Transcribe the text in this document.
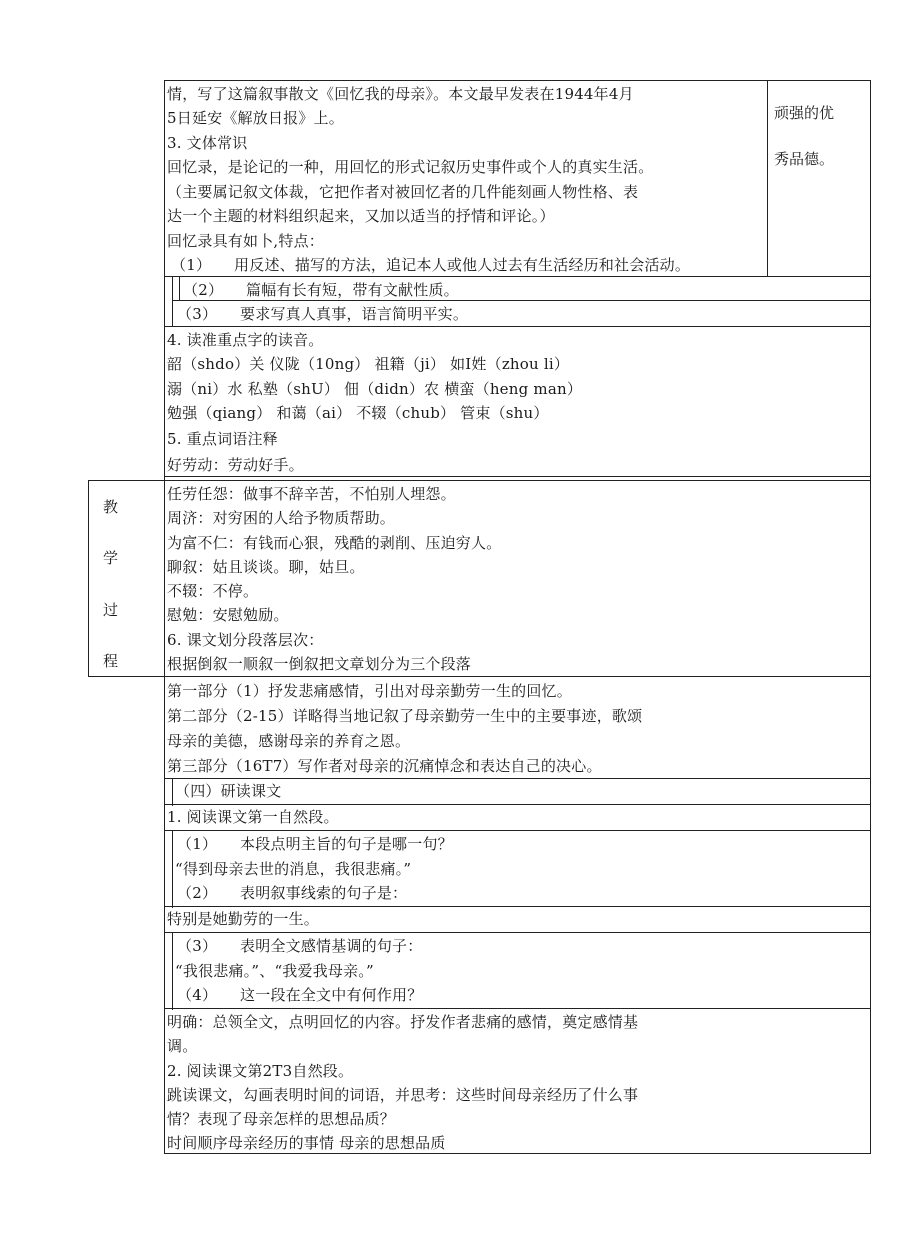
教
学
过
程
顽强的优
秀品德。
情，写了这篇叙事散文《回忆我的母亲》。本文最早发表在1944年4月
5日延安《解放日报》上。
3. 文体常识
回忆录，是论记的一种，用回忆的形式记叙历史事件或个人的真实生活。
（主要属记叙文体裁，它把作者对被回忆者的几件能刻画人物性格、表
达一个主题的材料组织起来，又加以适当的抒情和评论。）
回忆录具有如卜,特点：
（1）　　用反述、描写的方法，追记本人或他人过去有生活经历和社会活动。
（2）　　篇幅有长有短，带有文献性质。
（3）　　要求写真人真事，语言简明平实。
4. 读准重点字的读音。
韶（shdo）关 仪陇（10ng） 祖籍（ji） 如I姓（zhou li）
溺（ni）水 私塾（shU） 佃（didn）农 横蛮（heng man）
勉强（qiang） 和蔼（ai） 不辍（chub） 管束（shu）
5. 重点词语注释
好劳动：劳动好手。
任劳任怨：做事不辞辛苦，不怕别人埋怨。
周济：对穷困的人给予物质帮助。
为富不仁：有钱而心狠，残酷的剥削、压迫穷人。
聊叙：姑且谈谈。聊，姑旦。
不辍：不停。
慰勉：安慰勉励。
6. 课文划分段落层次：
根据倒叙一顺叙一倒叙把文章划分为三个段落
第一部分（1）抒发悲痛感情，引出对母亲勤劳一生的回忆。
第二部分（2-15）详略得当地记叙了母亲勤劳一生中的主要事迹，歌颂
母亲的美德，感谢母亲的养育之恩。
第三部分（16T7）写作者对母亲的沉痛悼念和表达自己的决心。
（四）研读课文
1. 阅读课文第一自然段。
（1）　　本段点明主旨的句子是哪一句？
“得到母亲去世的消息，我很悲痛。”
（2）　　表明叙事线索的句子是：
特别是她勤劳的一生。
（3）　　表明全文感情基调的句子：
“我很悲痛。”、“我爱我母亲。”
（4）　　这一段在全文中有何作用？
明确：总领全文，点明回忆的内容。抒发作者悲痛的感情，奠定感情基
调。
2. 阅读课文第2T3自然段。
跳读课文，勾画表明时间的词语，并思考：这些时间母亲经历了什么事
情？表现了母亲怎样的思想品质？
时间顺序母亲经历的事情 母亲的思想品质
